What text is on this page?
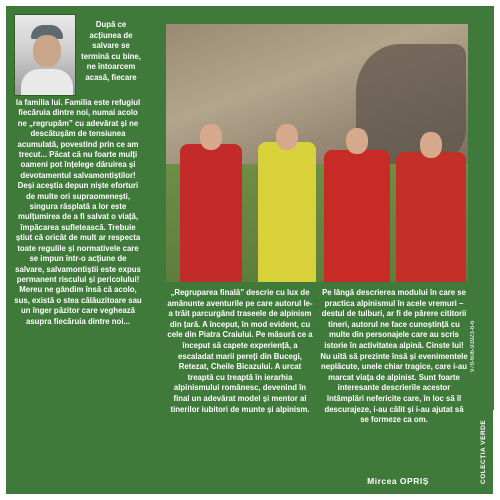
După ce acțiunea de salvare se termină cu bine, ne întoarcem acasă, fiecare
la familia lui. Familia este refugiul fiecăruia dintre noi, numai acolo ne „regrupăm” cu adevărat și ne descătușăm de tensiunea acumulată, povestind prin ce am trecut... Păcat că nu foarte mulți oameni pot înțelege dăruirea și devotamentul salvamontiștilor! Deși aceștia depun niște eforturi de multe ori supraomenești, singura răsplată a lor este mulțumirea de a fi salvat o viață, împăcarea sufletească. Trebuie știut că oricât de mult ar respecta toate regulile și normativele care se impun într-o acțiune de salvare, salvamontiștii este expus permanent riscului și pericolului! Mereu ne gândim însă că acolo, sus, există o stea călăuzitoare sau un înger păzitor care veghează asupra fiecăruia dintre noi...
„Regruparea finală” descrie cu lux de amănunte aventurile pe care autorul le-a trăit parcurgând traseele de alpinism din țară. A început, în mod evident, cu cele din Piatra Craiului. Pe măsură ce a început să capete experiență, a escaladat marii pereți din Bucegi, Retezat, Cheile Bicazului. A urcat treaptă cu treaptă în ierarhia alpinismului românesc, devenind în final un adevărat model și mentor al tinerilor iubitori de munte și alpinism.
Pe lângă descrierea modului în care se practica alpinismul în acele vremuri – destul de tulburi, ar fi de părere cititorii tineri, autorul ne face cunoștință cu multe din personajele care au scris istorie în activitatea alpină. Cinste lui! Nu uită să prezinte însă și evenimentele neplăcute, unele chiar tragice, care i-au marcat viața de alpinist. Sunt foarte interesante descrierile acestor întâmplări nefericite care, în loc să îl descurajeze, i-au călit și i-au ajutat să se formeze ca om.
Mircea OPRIȘ
978-606-93923-8-6
COLECȚIA VERDE
